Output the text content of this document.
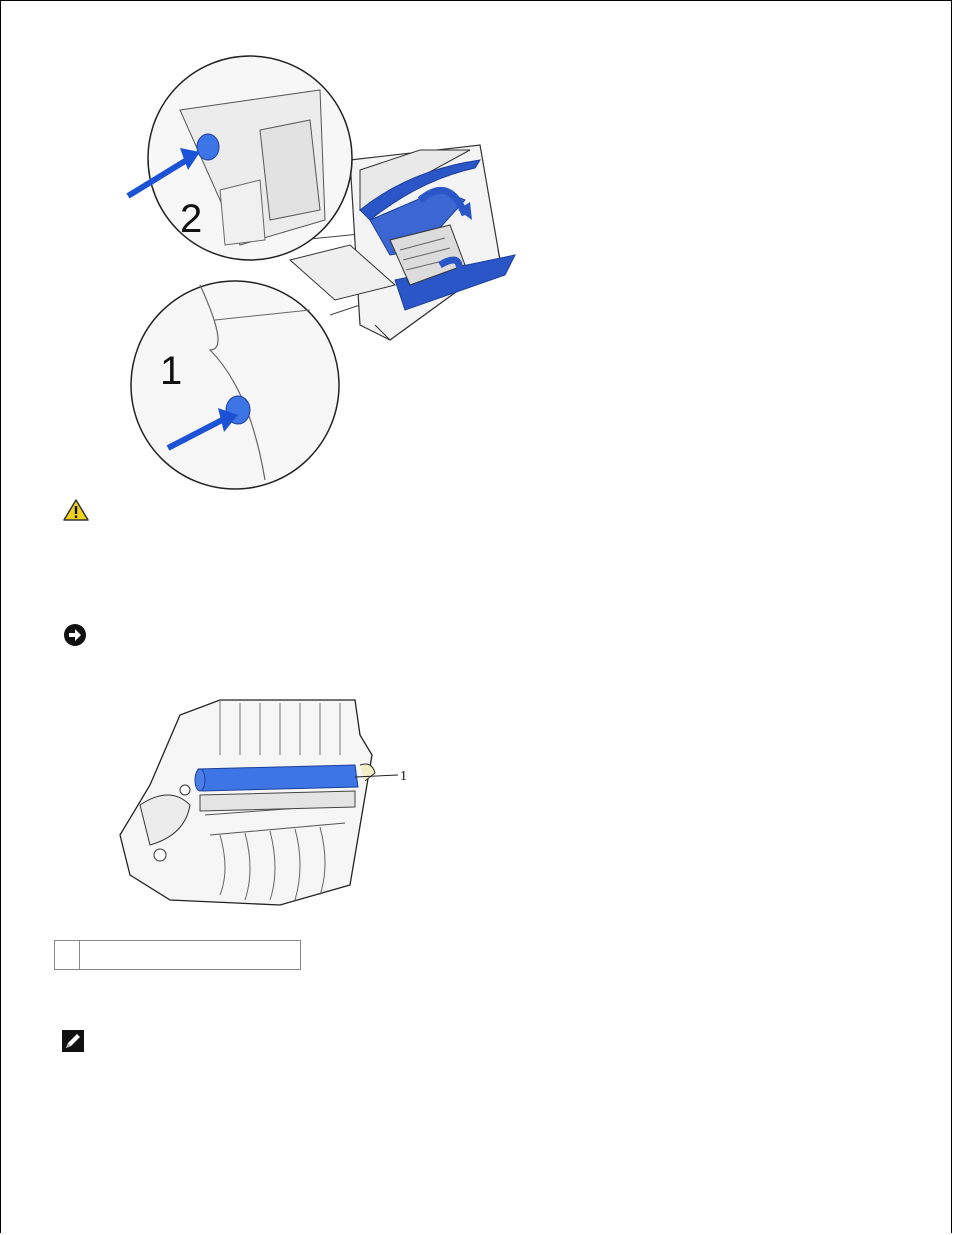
2
1
1
